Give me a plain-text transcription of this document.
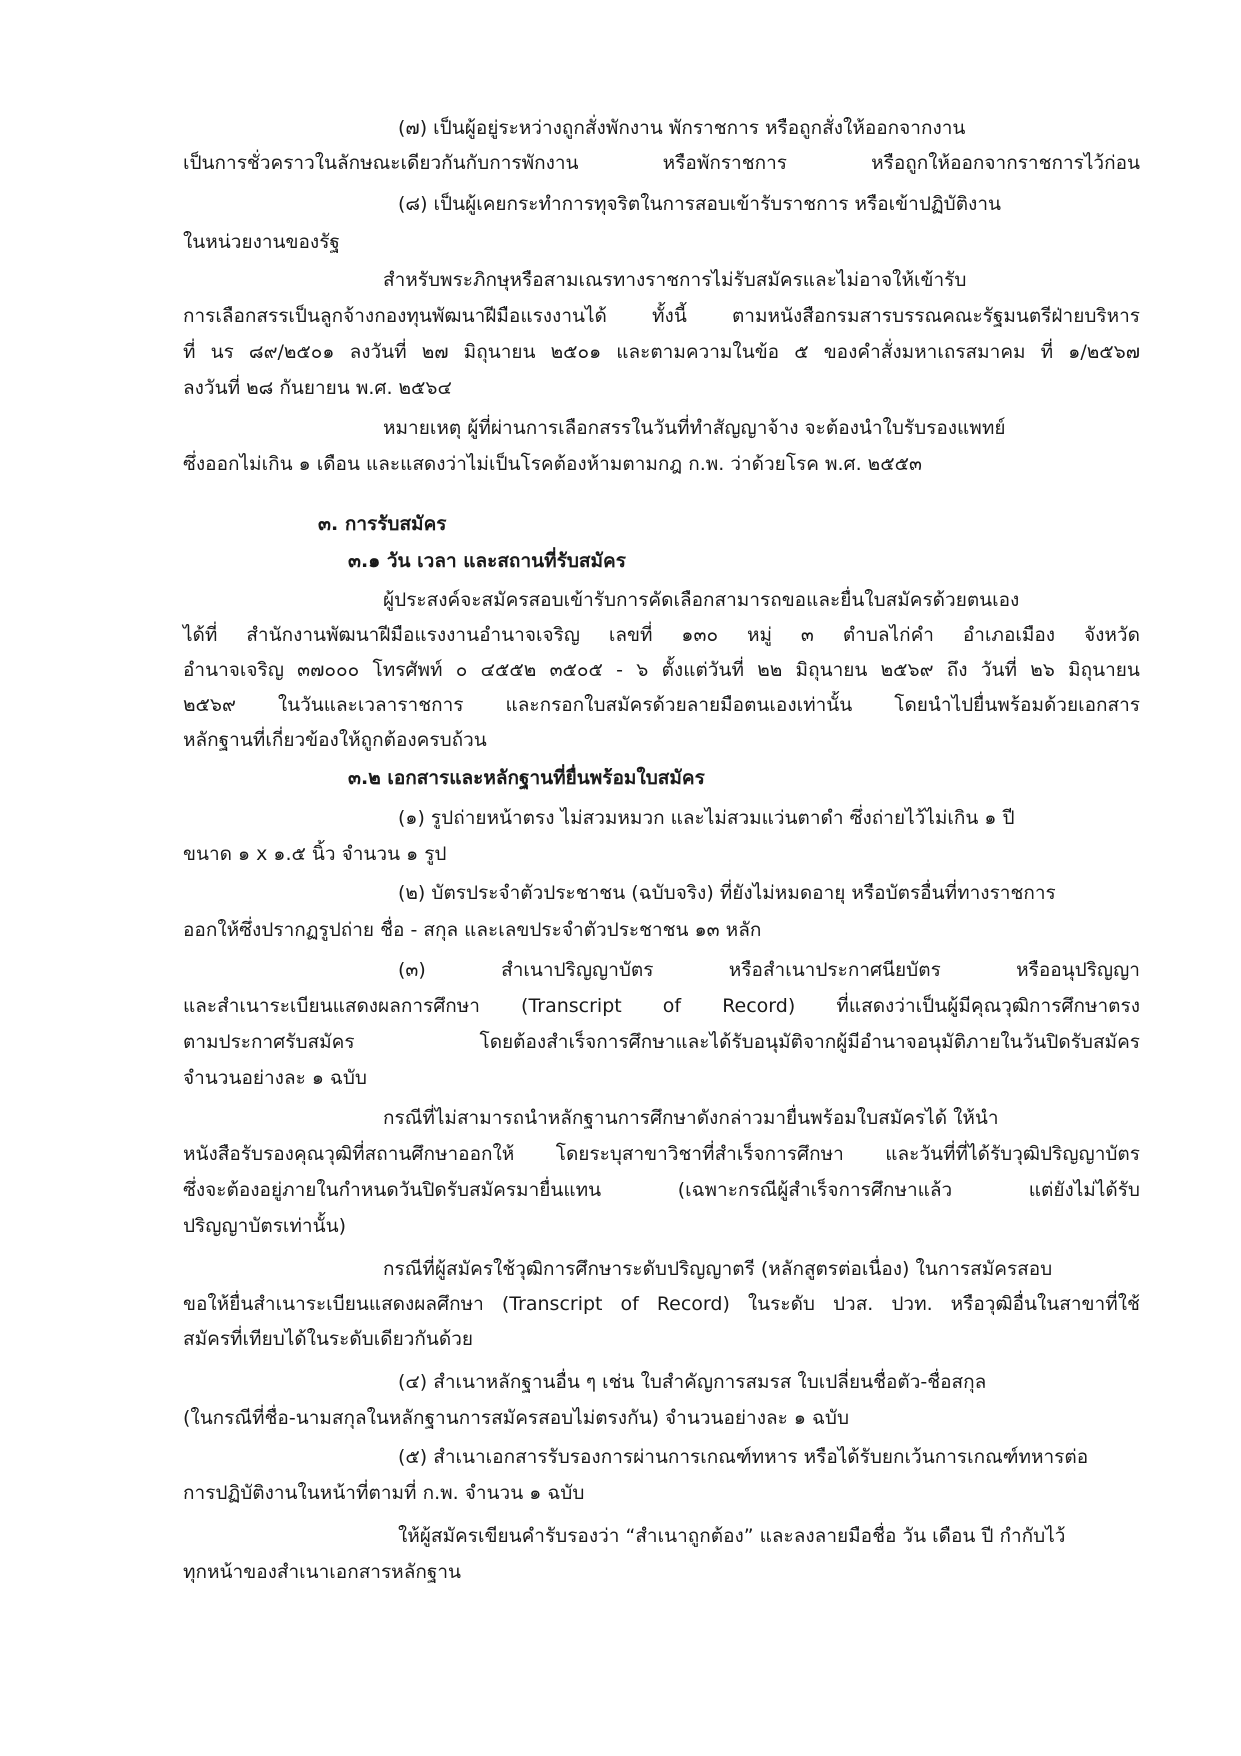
(๗) เป็นผู้อยู่ระหว่างถูกสั่งพักงาน พักราชการ หรือถูกสั่งให้ออกจากงาน
เป็นการชั่วคราวในลักษณะเดียวกันกับการพักงาน	หรือพักราชการ	หรือถูกให้ออกจากราชการไว้ก่อน
(๘) เป็นผู้เคยกระทำการทุจริตในการสอบเข้ารับราชการ หรือเข้าปฏิบัติงาน
ในหน่วยงานของรัฐ
สำหรับพระภิกษุหรือสามเณรทางราชการไม่รับสมัครและไม่อาจให้เข้ารับ
การเลือกสรรเป็นลูกจ้างกองทุนพัฒนาฝีมือแรงงานได้ ทั้งนี้ ตามหนังสือกรมสารบรรณคณะรัฐมนตรีฝ่ายบริหาร
ที่ นร ๘๙/๒๕๐๑ ลงวันที่ ๒๗ มิถุนายน ๒๕๐๑ และตามความในข้อ ๕ ของคำสั่งมหาเถรสมาคม ที่ ๑/๒๕๖๗
ลงวันที่ ๒๘ กันยายน พ.ศ. ๒๕๖๔
หมายเหตุ ผู้ที่ผ่านการเลือกสรรในวันที่ทำสัญญาจ้าง จะต้องนำใบรับรองแพทย์
ซึ่งออกไม่เกิน ๑ เดือน และแสดงว่าไม่เป็นโรคต้องห้ามตามกฎ ก.พ. ว่าด้วยโรค พ.ศ. ๒๕๕๓
๓. การรับสมัคร
๓.๑ วัน เวลา และสถานที่รับสมัคร
ผู้ประสงค์จะสมัครสอบเข้ารับการคัดเลือกสามารถขอและยื่นใบสมัครด้วยตนเอง
ได้ที่ สำนักงานพัฒนาฝีมือแรงงานอำนาจเจริญ เลขที่ ๑๓๐ หมู่ ๓ ตำบลไก่คำ อำเภอเมือง จังหวัด
อำนาจเจริญ ๓๗๐๐๐ โทรศัพท์ ๐ ๔๕๕๒ ๓๕๐๕ - ๖ ตั้งแต่วันที่ ๒๒ มิถุนายน ๒๕๖๙ ถึง วันที่ ๒๖ มิถุนายน
๒๕๖๙ ในวันและเวลาราชการ และกรอกใบสมัครด้วยลายมือตนเองเท่านั้น โดยนำไปยื่นพร้อมด้วยเอกสาร
หลักฐานที่เกี่ยวข้องให้ถูกต้องครบถ้วน
๓.๒ เอกสารและหลักฐานที่ยื่นพร้อมใบสมัคร
(๑) รูปถ่ายหน้าตรง ไม่สวมหมวก และไม่สวมแว่นตาดำ ซึ่งถ่ายไว้ไม่เกิน ๑ ปี
ขนาด ๑ x ๑.๕ นิ้ว จำนวน ๑ รูป
(๒) บัตรประจำตัวประชาชน (ฉบับจริง) ที่ยังไม่หมดอายุ หรือบัตรอื่นที่ทางราชการ
ออกให้ซึ่งปรากฏรูปถ่าย ชื่อ - สกุล และเลขประจำตัวประชาชน ๑๓ หลัก
(๓)	สำเนาปริญญาบัตร	หรือสำเนาประกาศนียบัตร	หรืออนุปริญญา
และสำเนาระเบียนแสดงผลการศึกษา (Transcript of Record) ที่แสดงว่าเป็นผู้มีคุณวุฒิการศึกษาตรง
ตามประกาศรับสมัคร	โดยต้องสำเร็จการศึกษาและได้รับอนุมัติจากผู้มีอำนาจอนุมัติภายในวันปิดรับสมัคร
จำนวนอย่างละ ๑ ฉบับ
กรณีที่ไม่สามารถนำหลักฐานการศึกษาดังกล่าวมายื่นพร้อมใบสมัครได้ ให้นำ
หนังสือรับรองคุณวุฒิที่สถานศึกษาออกให้ โดยระบุสาขาวิชาที่สำเร็จการศึกษา และวันที่ที่ได้รับวุฒิปริญญาบัตร
ซึ่งจะต้องอยู่ภายในกำหนดวันปิดรับสมัครมายื่นแทน	(เฉพาะกรณีผู้สำเร็จการศึกษาแล้ว	แต่ยังไม่ได้รับ
ปริญญาบัตรเท่านั้น)
กรณีที่ผู้สมัครใช้วุฒิการศึกษาระดับปริญญาตรี (หลักสูตรต่อเนื่อง) ในการสมัครสอบ
ขอให้ยื่นสำเนาระเบียนแสดงผลศึกษา (Transcript of Record) ในระดับ ปวส. ปวท. หรือวุฒิอื่นในสาขาที่ใช้
สมัครที่เทียบได้ในระดับเดียวกันด้วย
(๔) สำเนาหลักฐานอื่น ๆ เช่น ใบสำคัญการสมรส ใบเปลี่ยนชื่อตัว-ชื่อสกุล
(ในกรณีที่ชื่อ-นามสกุลในหลักฐานการสมัครสอบไม่ตรงกัน) จำนวนอย่างละ ๑ ฉบับ
(๕) สำเนาเอกสารรับรองการผ่านการเกณฑ์ทหาร หรือได้รับยกเว้นการเกณฑ์ทหารต่อ
การปฏิบัติงานในหน้าที่ตามที่ ก.พ. จำนวน ๑ ฉบับ
ให้ผู้สมัครเขียนคำรับรองว่า “สำเนาถูกต้อง” และลงลายมือชื่อ วัน เดือน ปี กำกับไว้
ทุกหน้าของสำเนาเอกสารหลักฐาน
